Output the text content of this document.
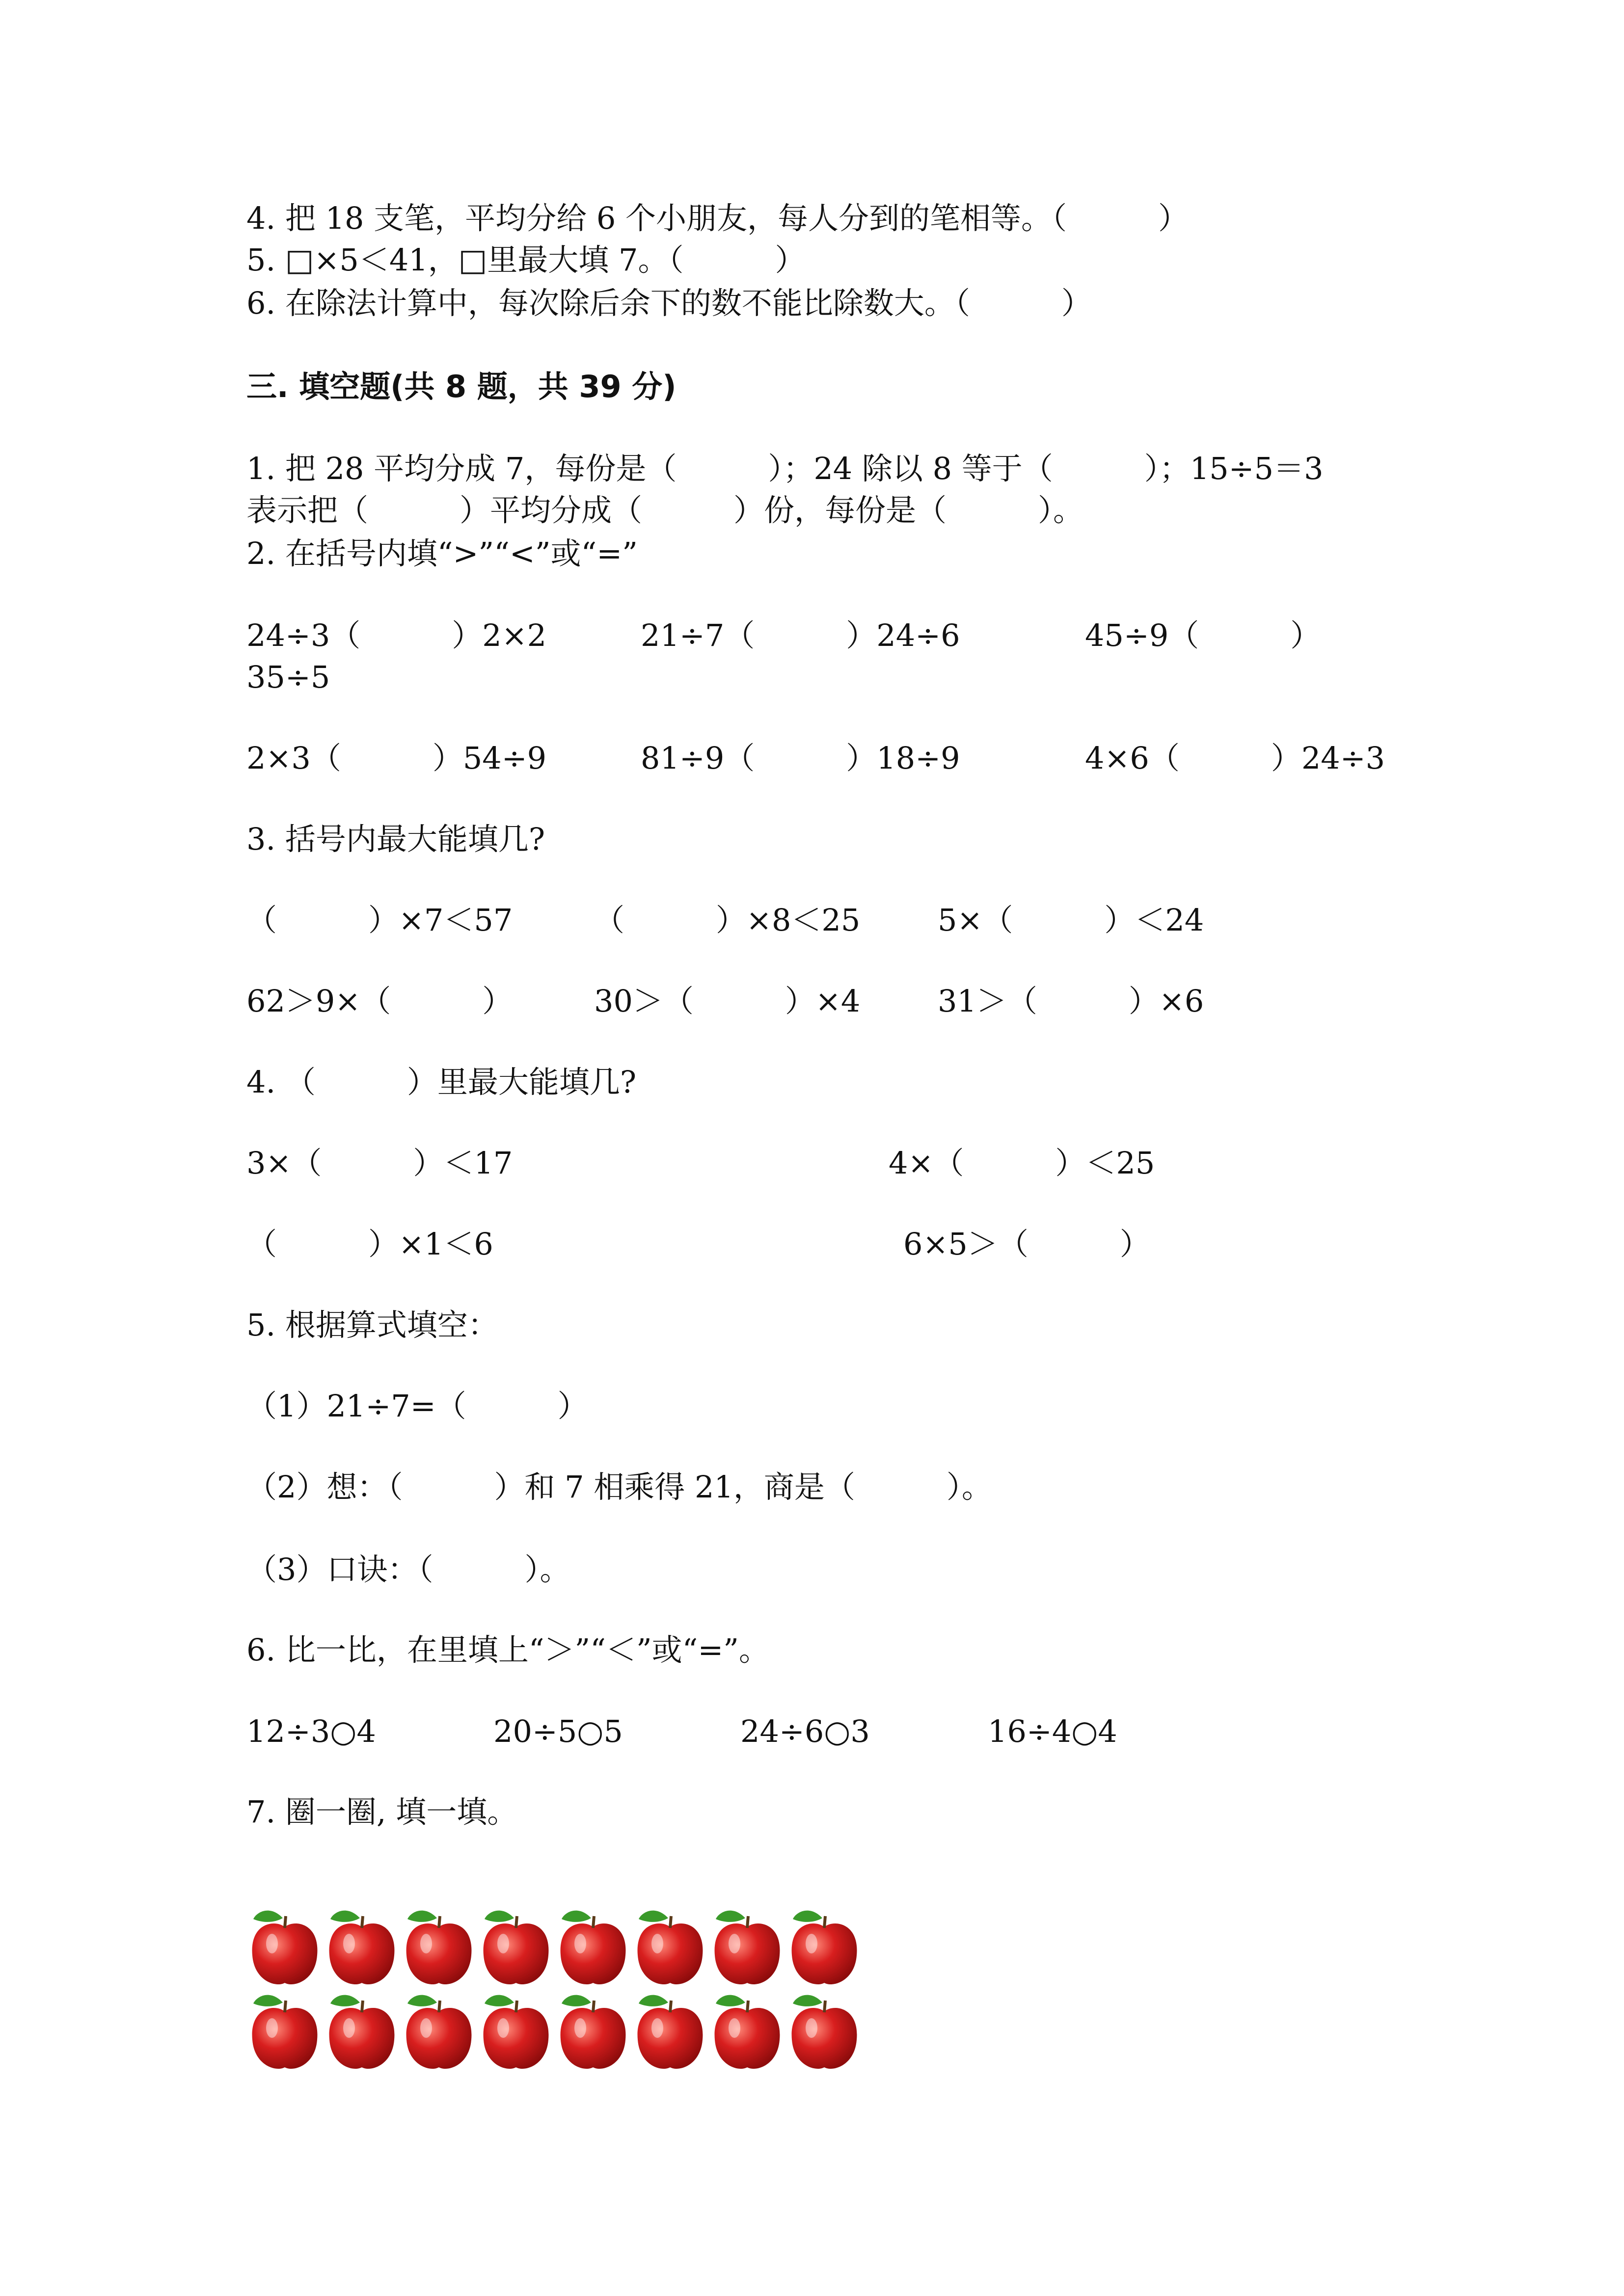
4. 把 18 支笔，平均分给 6 个小朋友，每人分到的笔相等。（　　　）
5. □×5＜41，□里最大填 7。（　　　）
6. 在除法计算中，每次除后余下的数不能比除数大。（　　　）
三. 填空题(共 8 题，共 39 分)
1. 把 28 平均分成 7，每份是（　　　）；24 除以 8 等于（　　　）；15÷5＝3
表示把（　　　）平均分成（　　　）份，每份是（　　　）。
2. 在括号内填“>”“<”或“=”
24÷3（　　　）2×2	21÷7（　　　）24÷6	45÷9（　　　）
35÷5
2×3（　　　）54÷9	81÷9（　　　）18÷9	4×6（　　　）24÷3
3. 括号内最大能填几?
（　　　）×7＜57	（　　　）×8＜25	5×（　　　）＜24
62＞9×（　　　）	30＞（　　　）×4	31＞（　　　）×6
4. （　　　）里最大能填几?
3×（　　　）＜17	4×（　　　）＜25
（　　　）×1＜6	6×5＞（　　　）
5. 根据算式填空：
（1）21÷7=（　　　）
（2）想：（　　　）和 7 相乘得 21，商是（　　　）。
（3）口诀：（　　　）。
6. 比一比，在里填上“＞”“＜”或“=”。
12÷3○4	20÷5○5	24÷6○3	16÷4○4
7. 圈一圈, 填一填。
